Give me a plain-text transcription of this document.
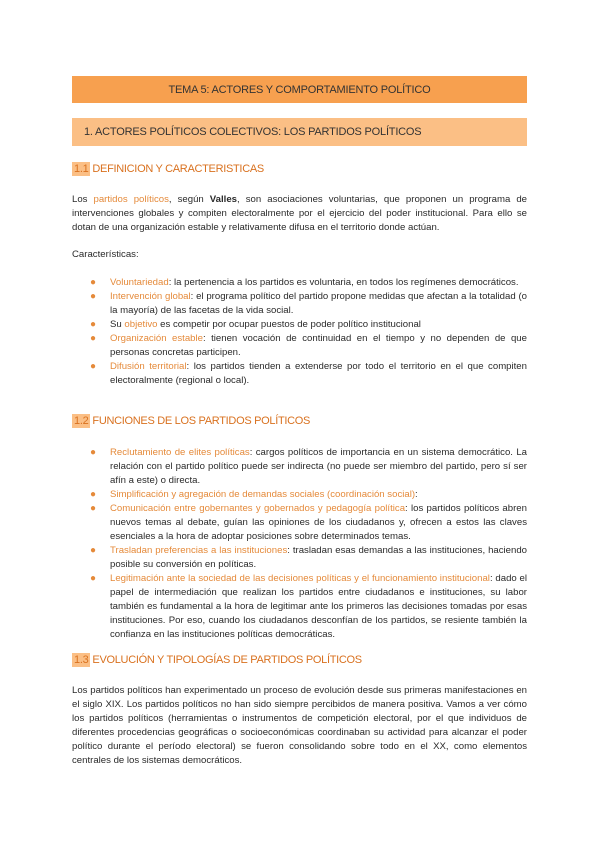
TEMA 5: ACTORES Y COMPORTAMIENTO POLÍTICO
1. ACTORES POLÍTICOS COLECTIVOS: LOS PARTIDOS POLÍTICOS
1.1 DEFINICION Y CARACTERISTICAS

Los partidos políticos, según Valles, son asociaciones voluntarias, que proponen un programa de intervenciones globales y compiten electoralmente por el ejercicio del poder institucional. Para ello se dotan de una organización estable y relativamente difusa en el territorio donde actúan.

Características:

● Voluntariedad: la pertenencia a los partidos es voluntaria, en todos los regímenes democráticos.
● Intervención global: el programa político del partido propone medidas que afectan a la totalidad (o la mayoría) de las facetas de la vida social.
● Su objetivo es competir por ocupar puestos de poder político institucional
● Organización estable: tienen vocación de continuidad en el tiempo y no dependen de que personas concretas participen.
● Difusión territorial: los partidos tienden a extenderse por todo el territorio en el que compiten electoralmente (regional o local).
1.2 FUNCIONES DE LOS PARTIDOS POLÍTICOS
● Reclutamiento de elites políticas: cargos políticos de importancia en un sistema democrático. La relación con el partido político puede ser indirecta (no puede ser miembro del partido, pero sí ser afín a este) o directa.
● Simplificación y agregación de demandas sociales (coordinación social):
● Comunicación entre gobernantes y gobernados y pedagogía política: los partidos políticos abren nuevos temas al debate, guían las opiniones de los ciudadanos y, ofrecen a estos las claves esenciales a la hora de adoptar posiciones sobre determinados temas.
● Trasladan preferencias a las instituciones: trasladan esas demandas a las instituciones, haciendo posible su conversión en políticas.
● Legitimación ante la sociedad de las decisiones políticas y el funcionamiento institucional: dado el papel de intermediación que realizan los partidos entre ciudadanos e instituciones, su labor también es fundamental a la hora de legitimar ante los primeros las decisiones tomadas por esas instituciones. Por eso, cuando los ciudadanos desconfían de los partidos, se resiente también la confianza en las instituciones políticas democráticas.
1.3 EVOLUCIÓN Y TIPOLOGÍAS DE PARTIDOS POLÍTICOS

Los partidos políticos han experimentado un proceso de evolución desde sus primeras manifestaciones en el siglo XIX. Los partidos políticos no han sido siempre percibidos de manera positiva. Vamos a ver cómo los partidos políticos (herramientas o instrumentos de competición electoral, por el que individuos de diferentes procedencias geográficas o socioeconómicas coordinaban su actividad para alcanzar el poder político durante el período electoral) se fueron consolidando sobre todo en el XX, como elementos centrales de los sistemas democráticos.
